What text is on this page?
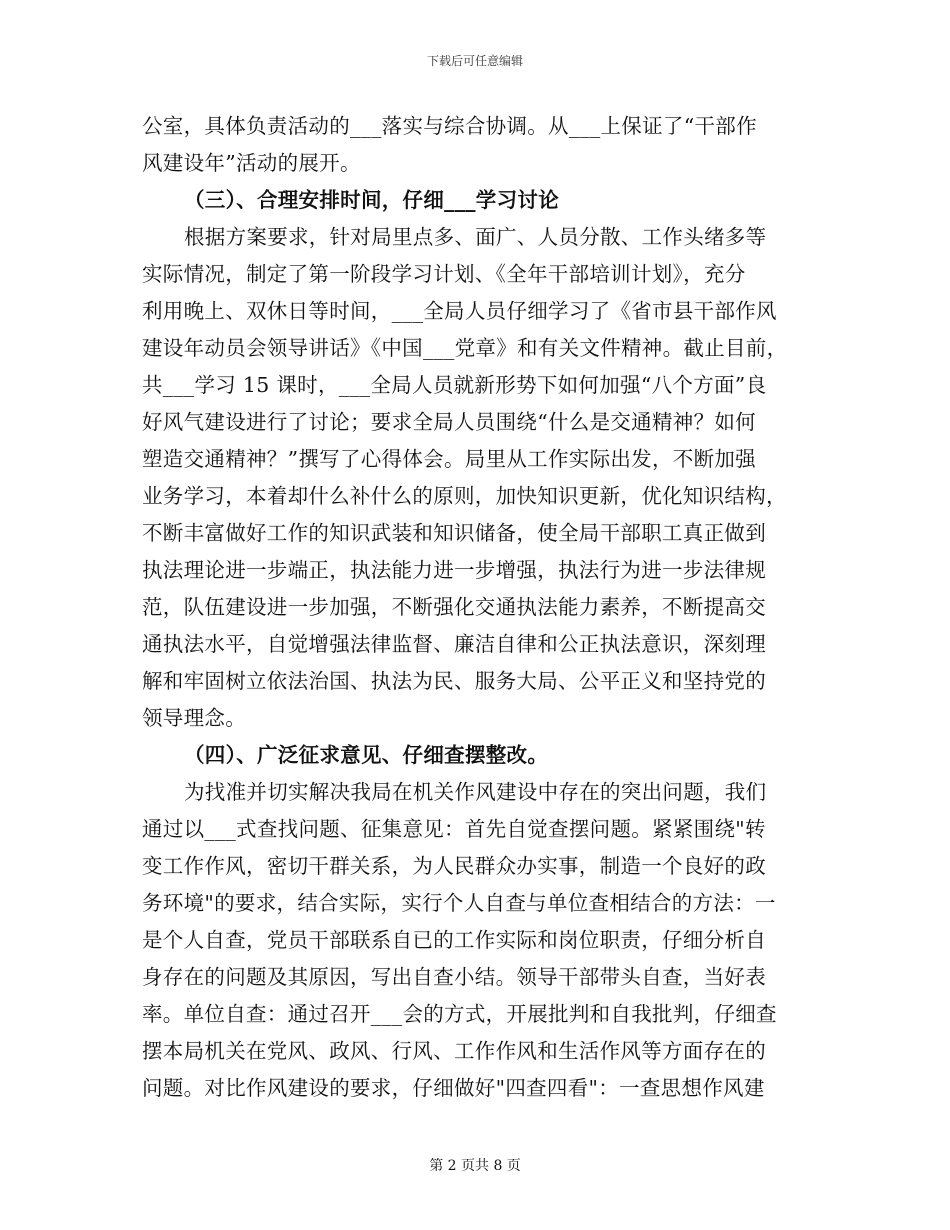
下载后可任意编辑
公室，具体负责活动的___落实与综合协调。从___上保证了“干部作
风建设年”活动的展开。
（三）、合理安排时间，仔细___学习讨论
根据方案要求，针对局里点多、面广、人员分散、工作头绪多等
实际情况，制定了第一阶段学习计划、《全年干部培训计划》，充分
利用晚上、双休日等时间，___全局人员仔细学习了《省市县干部作风
建设年动员会领导讲话》《中国___党章》和有关文件精神。截止目前，
共___学习 15 课时，___全局人员就新形势下如何加强“八个方面”良
好风气建设进行了讨论；要求全局人员围绕“什么是交通精神？如何
塑造交通精神？”撰写了心得体会。局里从工作实际出发，不断加强
业务学习，本着却什么补什么的原则，加快知识更新，优化知识结构，
不断丰富做好工作的知识武装和知识储备，使全局干部职工真正做到
执法理论进一步端正，执法能力进一步增强，执法行为进一步法律规
范，队伍建设进一步加强，不断强化交通执法能力素养，不断提高交
通执法水平，自觉增强法律监督、廉洁自律和公正执法意识，深刻理
解和牢固树立依法治国、执法为民、服务大局、公平正义和坚持党的
领导理念。
（四）、广泛征求意见、仔细查摆整改。
为找准并切实解决我局在机关作风建设中存在的突出问题，我们
通过以___式查找问题、征集意见：首先自觉查摆问题。紧紧围绕"转
变工作作风，密切干群关系，为人民群众办实事，制造一个良好的政
务环境"的要求，结合实际，实行个人自查与单位查相结合的方法：一
是个人自查，党员干部联系自已的工作实际和岗位职责，仔细分析自
身存在的问题及其原因，写出自查小结。领导干部带头自查，当好表
率。单位自查：通过召开___会的方式，开展批判和自我批判，仔细查
摆本局机关在党风、政风、行风、工作作风和生活作风等方面存在的
问题。对比作风建设的要求，仔细做好"四查四看"：一查思想作风建
第 2 页共 8 页
